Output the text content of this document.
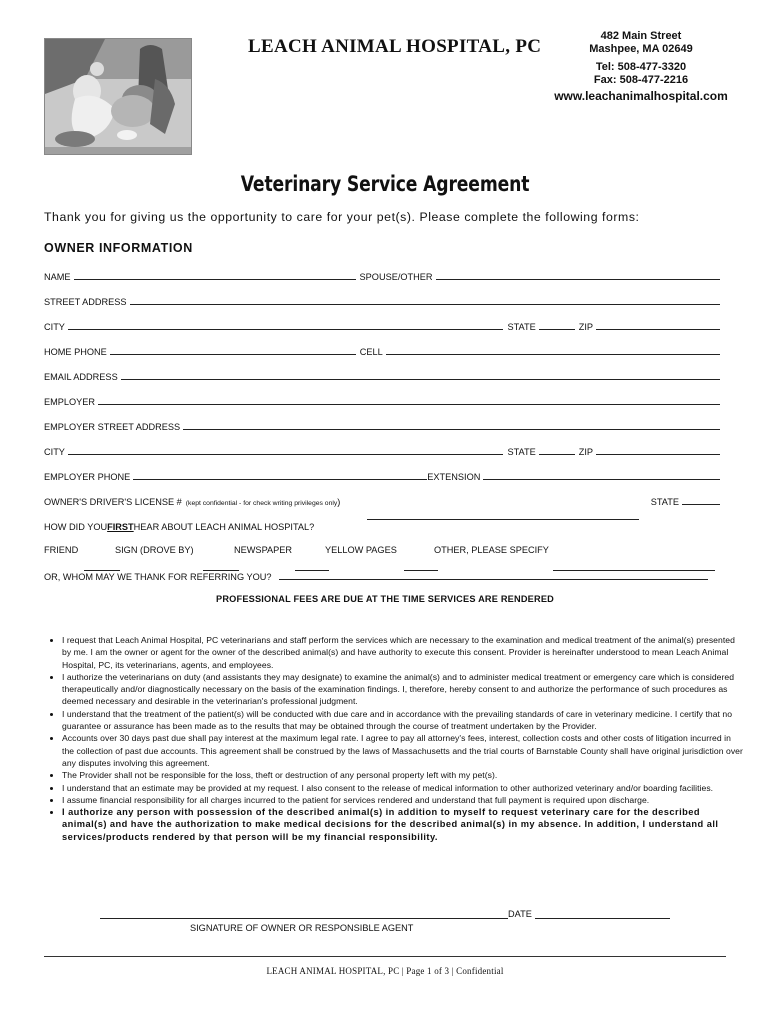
LEACH ANIMAL HOSPITAL, PC	482 Main Street
Mashpee, MA 02649
Tel: 508-477-3320
Fax: 508-477-2216
www.leachanimalhospital.com
Veterinary Service Agreement
Thank you for giving us the opportunity to care for your pet(s). Please complete the following forms:
OWNER INFORMATION
NAME	SPOUSE/OTHER
STREET ADDRESS
CITY	STATE	ZIP
HOME PHONE	CELL
EMAIL ADDRESS
EMPLOYER
EMPLOYER STREET ADDRESS
CITY	STATE	ZIP
EMPLOYER PHONE	EXTENSION
OWNER'S DRIVER'S LICENSE # (kept confidential - for check writing privileges only )	STATE
HOW DID YOU FIRST HEAR ABOUT LEACH ANIMAL HOSPITAL?
FRIEND	SIGN (DROVE BY)	NEWSPAPER	YELLOW PAGES	OTHER, PLEASE SPECIFY
OR, WHOM MAY WE THANK FOR REFERRING YOU?
PROFESSIONAL FEES ARE DUE AT THE TIME SERVICES ARE RENDERED
• I request that Leach Animal Hospital, PC veterinarians and staff perform the services which are necessary to the examination and medical treatment of the animal(s) presented by me. I am the owner or agent for the owner of the described animal(s) and have authority to execute this consent. Provider is hereinafter understood to mean Leach Animal Hospital, PC, its veterinarians, agents, and employees.
• I authorize the veterinarians on duty (and assistants they may designate) to examine the animal(s) and to administer medical treatment or emergency care which is considered therapeutically and/or diagnostically necessary on the basis of the examination findings. I, therefore, hereby consent to and authorize the performance of such procedures as deemed necessary and desirable in the veterinarian's professional judgment.
• I understand that the treatment of the patient(s) will be conducted with due care and in accordance with the prevailing standards of care in veterinary medicine. I certify that no guarantee or assurance has been made as to the results that may be obtained through the course of treatment undertaken by the Provider.
• Accounts over 30 days past due shall pay interest at the maximum legal rate. I agree to pay all attorney's fees, interest, collection costs and other costs of litigation incurred in the collection of past due accounts. This agreement shall be construed by the laws of Massachusetts and the trial courts of Barnstable County shall have original jurisdiction over any disputes involving this agreement.
• The Provider shall not be responsible for the loss, theft or destruction of any personal property left with my pet(s).
• I understand that an estimate may be provided at my request. I also consent to the release of medical information to other authorized veterinary and/or boarding facilities.
• I assume financial responsibility for all charges incurred to the patient for services rendered and understand that full payment is required upon discharge.
• I authorize any person with possession of the described animal(s) in addition to myself to request veterinary care for the described animal(s) and have the authorization to make medical decisions for the described animal(s) in my absence. In addition, I understand all services/products rendered by that person will be my financial responsibility.
DATE
SIGNATURE OF OWNER OR RESPONSIBLE AGENT
LEACH ANIMAL HOSPITAL, PC | Page 1 of 3 | Confidential
